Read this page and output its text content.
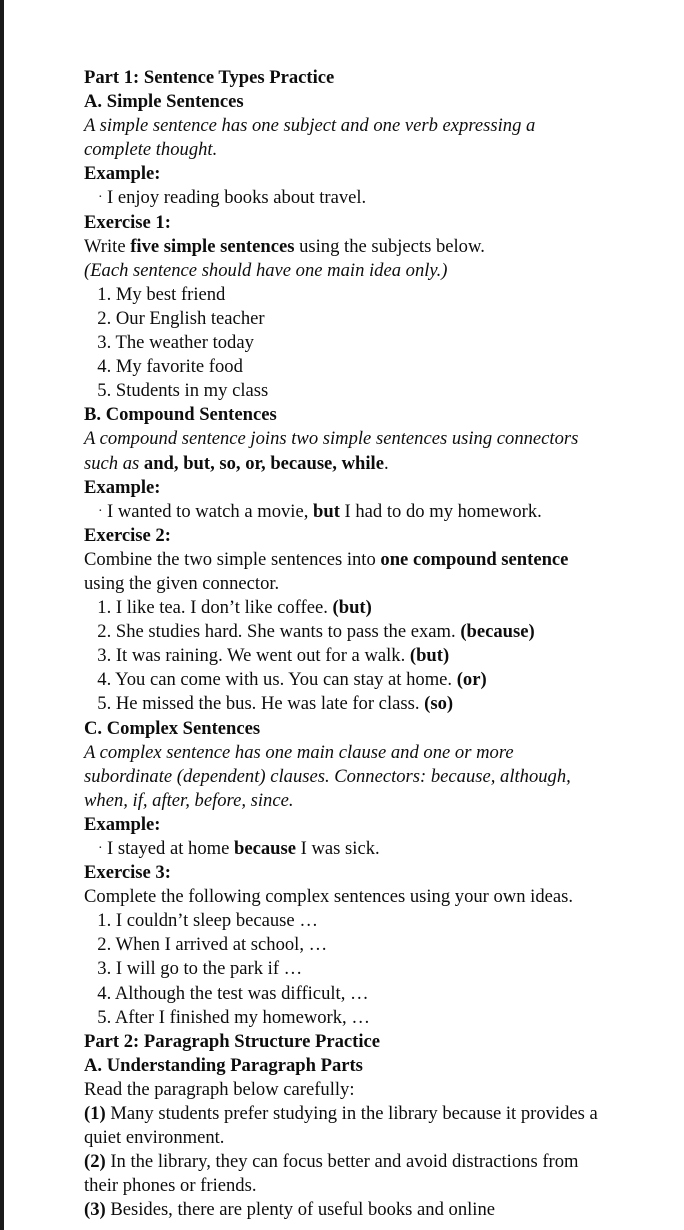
Part 1: Sentence Types Practice

A. Simple Sentences

A simple sentence has one subject and one verb expressing a complete thought.

Example:

· I enjoy reading books about travel.

Exercise 1:

Write five simple sentences using the subjects below.

(Each sentence should have one main idea only.)

1. My best friend

2. Our English teacher

3. The weather today

4. My favorite food

5. Students in my class

B. Compound Sentences

A compound sentence joins two simple sentences using connectors such as and, but, so, or, because, while.

Example:

· I wanted to watch a movie, but I had to do my homework.

Exercise 2:

Combine the two simple sentences into one compound sentence using the given connector.

1. I like tea. I don’t like coffee. (but)

2. She studies hard. She wants to pass the exam. (because)

3. It was raining. We went out for a walk. (but)

4. You can come with us. You can stay at home. (or)

5. He missed the bus. He was late for class. (so)

C. Complex Sentences

A complex sentence has one main clause and one or more subordinate (dependent) clauses. Connectors: because, although, when, if, after, before, since.

Example:

· I stayed at home because I was sick.

Exercise 3:

Complete the following complex sentences using your own ideas.

1. I couldn’t sleep because …

2. When I arrived at school, …

3. I will go to the park if …

4. Although the test was difficult, …

5. After I finished my homework, …

Part 2: Paragraph Structure Practice

A. Understanding Paragraph Parts

Read the paragraph below carefully:

(1) Many students prefer studying in the library because it provides a quiet environment.

(2) In the library, they can focus better and avoid distractions from their phones or friends.

(3) Besides, there are plenty of useful books and online
